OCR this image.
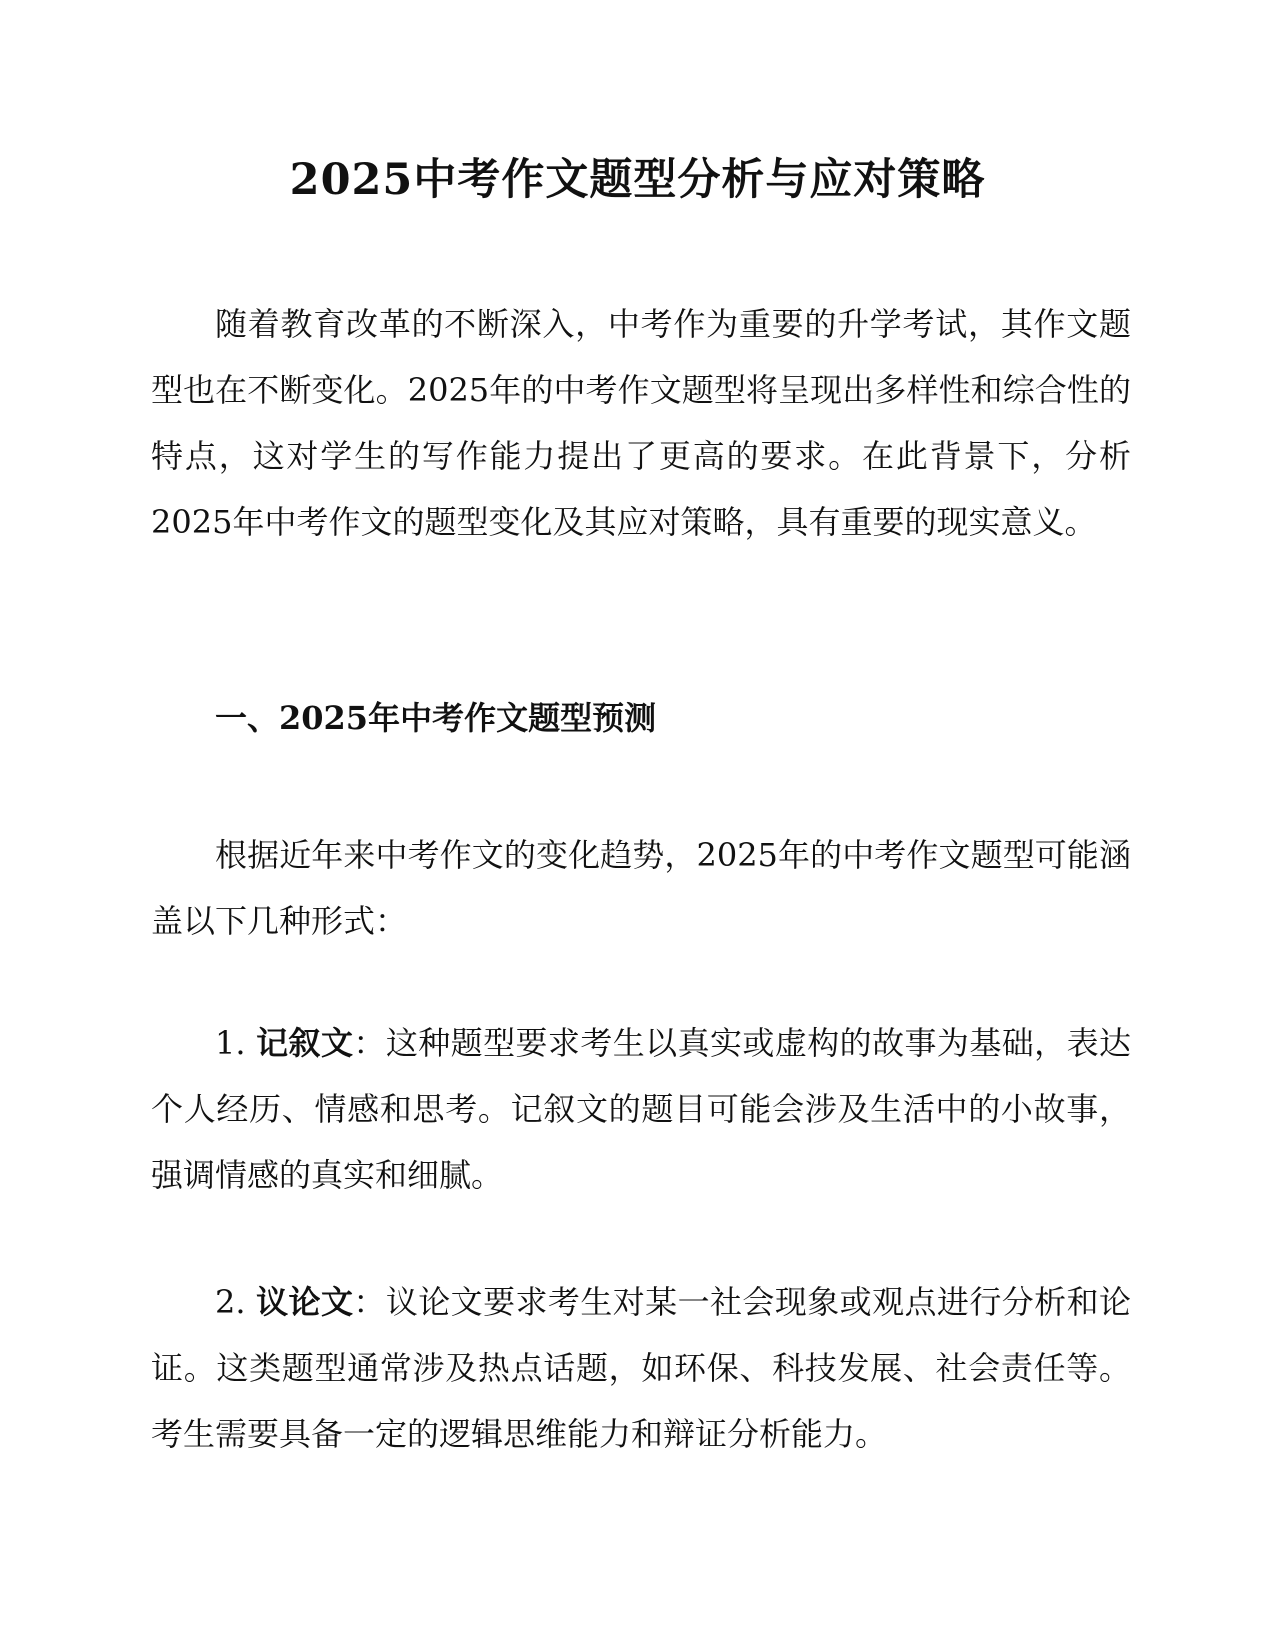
2025中考作文题型分析与应对策略

随着教育改革的不断深入，中考作为重要的升学考试，其作文题型也在不断变化。2025年的中考作文题型将呈现出多样性和综合性的特点，这对学生的写作能力提出了更高的要求。在此背景下，分析2025年中考作文的题型变化及其应对策略，具有重要的现实意义。

一、2025年中考作文题型预测

根据近年来中考作文的变化趋势，2025年的中考作文题型可能涵盖以下几种形式：

1. 记叙文：这种题型要求考生以真实或虚构的故事为基础，表达个人经历、情感和思考。记叙文的题目可能会涉及生活中的小故事，强调情感的真实和细腻。

2. 议论文：议论文要求考生对某一社会现象或观点进行分析和论证。这类题型通常涉及热点话题，如环保、科技发展、社会责任等。考生需要具备一定的逻辑思维能力和辩证分析能力。
